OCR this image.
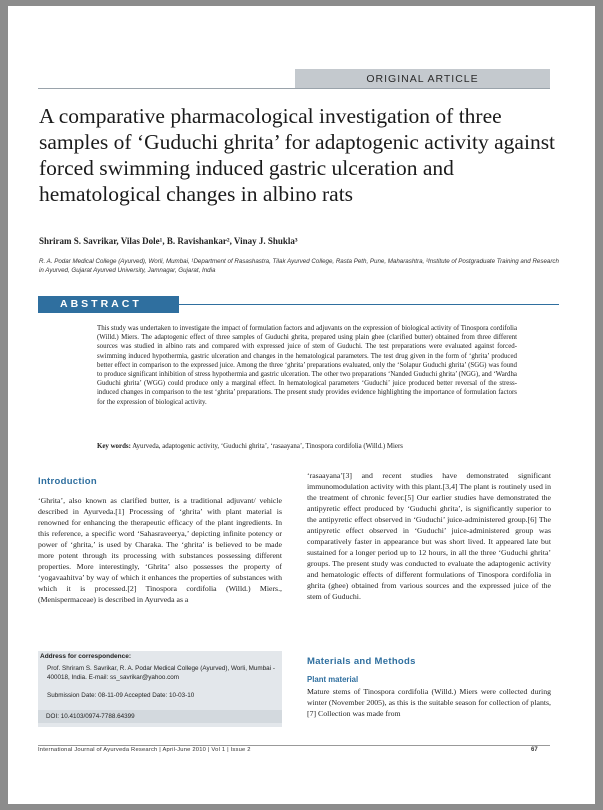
ORIGINAL ARTICLE
A comparative pharmacological investigation of three samples of ‘Guduchi ghrita’ for adaptogenic activity against forced swimming induced gastric ulceration and hematological changes in albino rats
Shriram S. Savrikar, Vilas Dole¹, B. Ravishankar², Vinay J. Shukla³
R. A. Podar Medical College (Ayurved), Worli, Mumbai, ¹Department of Rasashastra, Tilak Ayurved College, Rasta Peth, Pune, Maharashtra, ²Institute of Postgraduate Training and Research in Ayurved, Gujarat Ayurved University, Jamnagar, Gujarat, India
ABSTRACT

This study was undertaken to investigate the impact of formulation factors and adjuvants on the expression of biological activity of Tinospora cordifolia (Willd.) Miers. The adaptogenic effect of three samples of Guduchi ghrita, prepared using plain ghee (clarified butter) obtained from three different sources was studied in albino rats and compared with expressed juice of stem of Guduchi. The test preparations were evaluated against forced-swimming induced hypothermia, gastric ulceration and changes in the hematological parameters. The test drug given in the form of ‘ghrita’ produced better effect in comparison to the expressed juice. Among the three ‘ghrita’ preparations evaluated, only the ‘Solapur Guduchi ghrita’ (SGG) was found to produce significant inhibition of stress hypothermia and gastric ulceration. The other two preparations ‘Nanded Guduchi ghrita’ (NGG), and ‘Wardha Guduchi ghrita’ (WGG) could produce only a marginal effect. In hematological parameters ‘Guduchi’ juice produced better reversal of the stress-induced changes in comparison to the test ‘ghrita’ preparations. The present study provides evidence highlighting the importance of formulation factors for the expression of biological activity.

Key words: Ayurveda, adaptogenic activity, ‘Guduchi ghrita’, ‘rasaayana’, Tinospora cordifolia (Willd.) Miers

Introduction

‘Ghrita’, also known as clarified butter, is a traditional adjuvant/ vehicle described in Ayurveda.[1] Processing of ‘ghrita’ with plant material is renowned for enhancing the therapeutic efficacy of the plant ingredients. In this reference, a specific word ‘Sahasraveerya,’ depicting infinite potency or power of ‘ghrita,’ is used by Charaka. The ‘ghrita’ is believed to be made more potent through its processing with substances possessing different properties. More interestingly, ‘Ghrita’ also possesses the property of ‘yogavaahitva’ by way of which it enhances the properties of substances with which it is processed.[2] Tinospora cordifolia (Willd.) Miers., (Menispermaceae) is described in Ayurveda as a

‘rasaayana’[3] and recent studies have demonstrated significant immunomodulation activity with this plant.[3,4] The plant is routinely used in the treatment of chronic fever.[5] Our earlier studies have demonstrated the antipyretic effect produced by ‘Guduchi ghrita’, is significantly superior to the antipyretic effect observed in ‘Guduchi’ juice-administered group.[6] The antipyretic effect observed in ‘Guduchi’ juice-administered group was comparatively faster in appearance but was short lived. It appeared late but sustained for a longer period up to 12 hours, in all the three ‘Guduchi ghrita’ groups. The present study was conducted to evaluate the adaptogenic activity and hematologic effects of different formulations of Tinospora cordifolia in ghrita (ghee) obtained from various sources and the expressed juice of the stem of Guduchi.

Materials and Methods
Plant material

Mature stems of Tinospora cordifolia (Willd.) Miers were collected during winter (November 2005), as this is the suitable season for collection of plants,[7] Collection was made from

Address for correspondence:
Prof. Shriram S. Savrikar, R. A. Podar Medical College (Ayurved), Worli, Mumbai - 400018, India. E-mail: ss_savrikar@yahoo.com
Submission Date: 08-11-09 Accepted Date: 10-03-10
DOI: 10.4103/0974-7788.64399
International Journal of Ayurveda Research | April-June 2010 | Vol 1 | Issue 2	67
